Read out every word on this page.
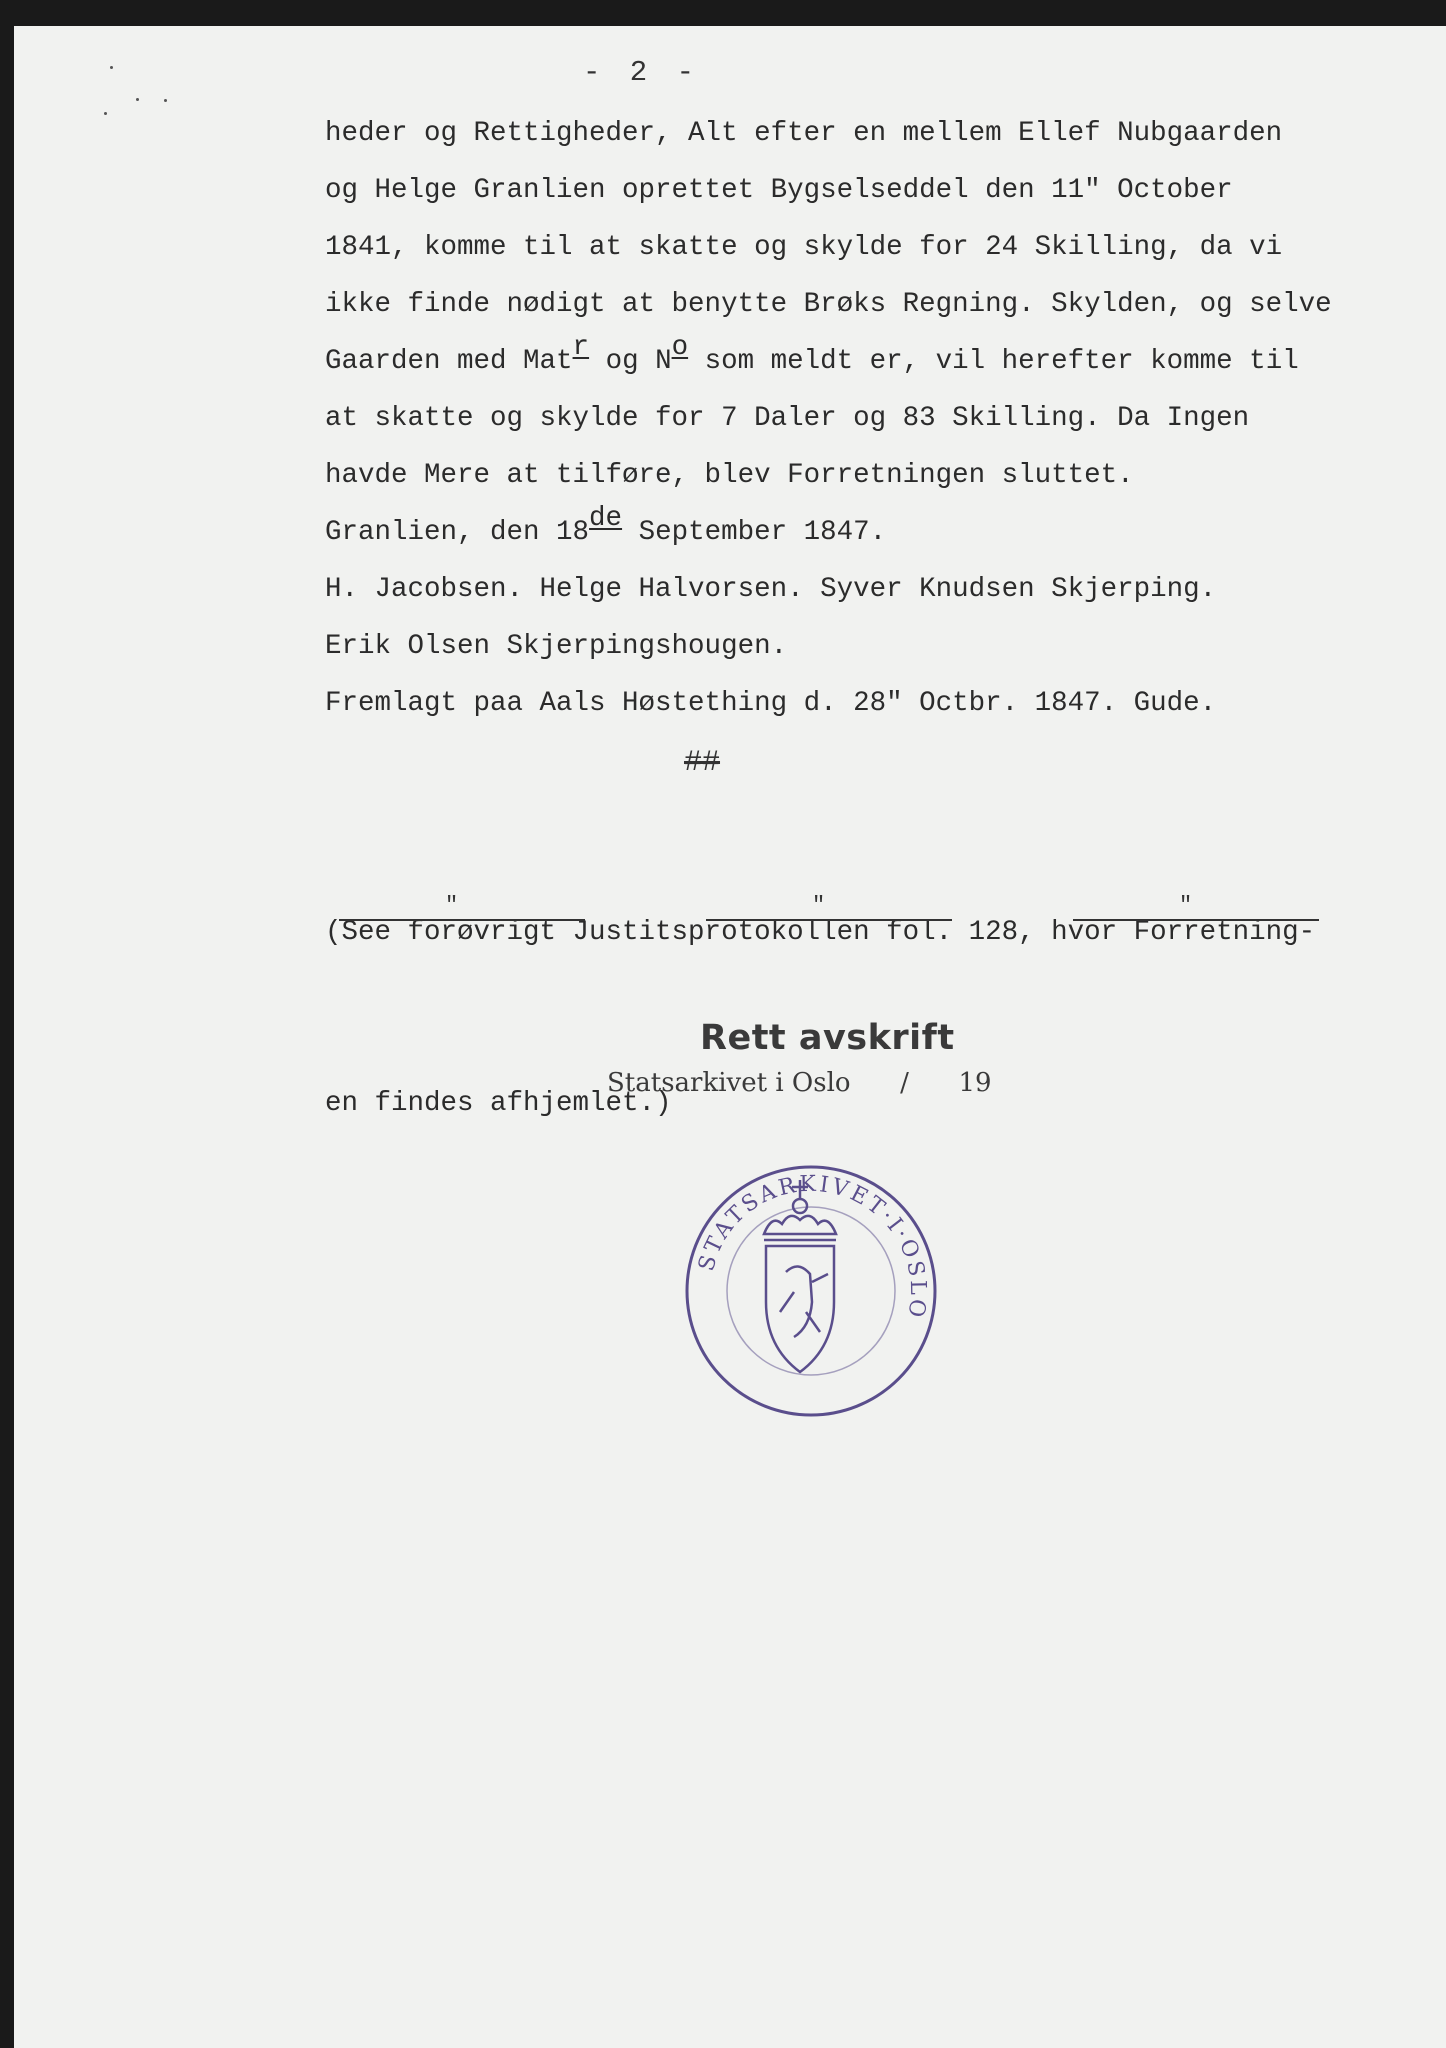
- 2 -
heder og Rettigheder, Alt efter en mellem Ellef Nubgaarden
og Helge Granlien oprettet Bygselseddel den 11" October
1841, komme til at skatte og skylde for 24 Skilling, da vi
ikke finde nødigt at benytte Brøks Regning. Skylden, og selve
Gaarden med Matr og No som meldt er, vil herefter komme til
at skatte og skylde for 7 Daler og 83 Skilling. Da Ingen
havde Mere at tilføre, blev Forretningen sluttet.
Granlien, den 18de September 1847.
H. Jacobsen. Helge Halvorsen. Syver Knudsen Skjerping.
Erik Olsen Skjerpingshougen.
Fremlagt paa Aals Høstething d. 28" Octbr. 1847. Gude.
##

(See forøvrigt Justitsprotokollen fol. 128, hvor Forretning-

en findes afhjemlet.)

"	"	"
Rett avskrift
Statsarkivet i Oslo      /      19
STATSARKIVET·I·OSLO
